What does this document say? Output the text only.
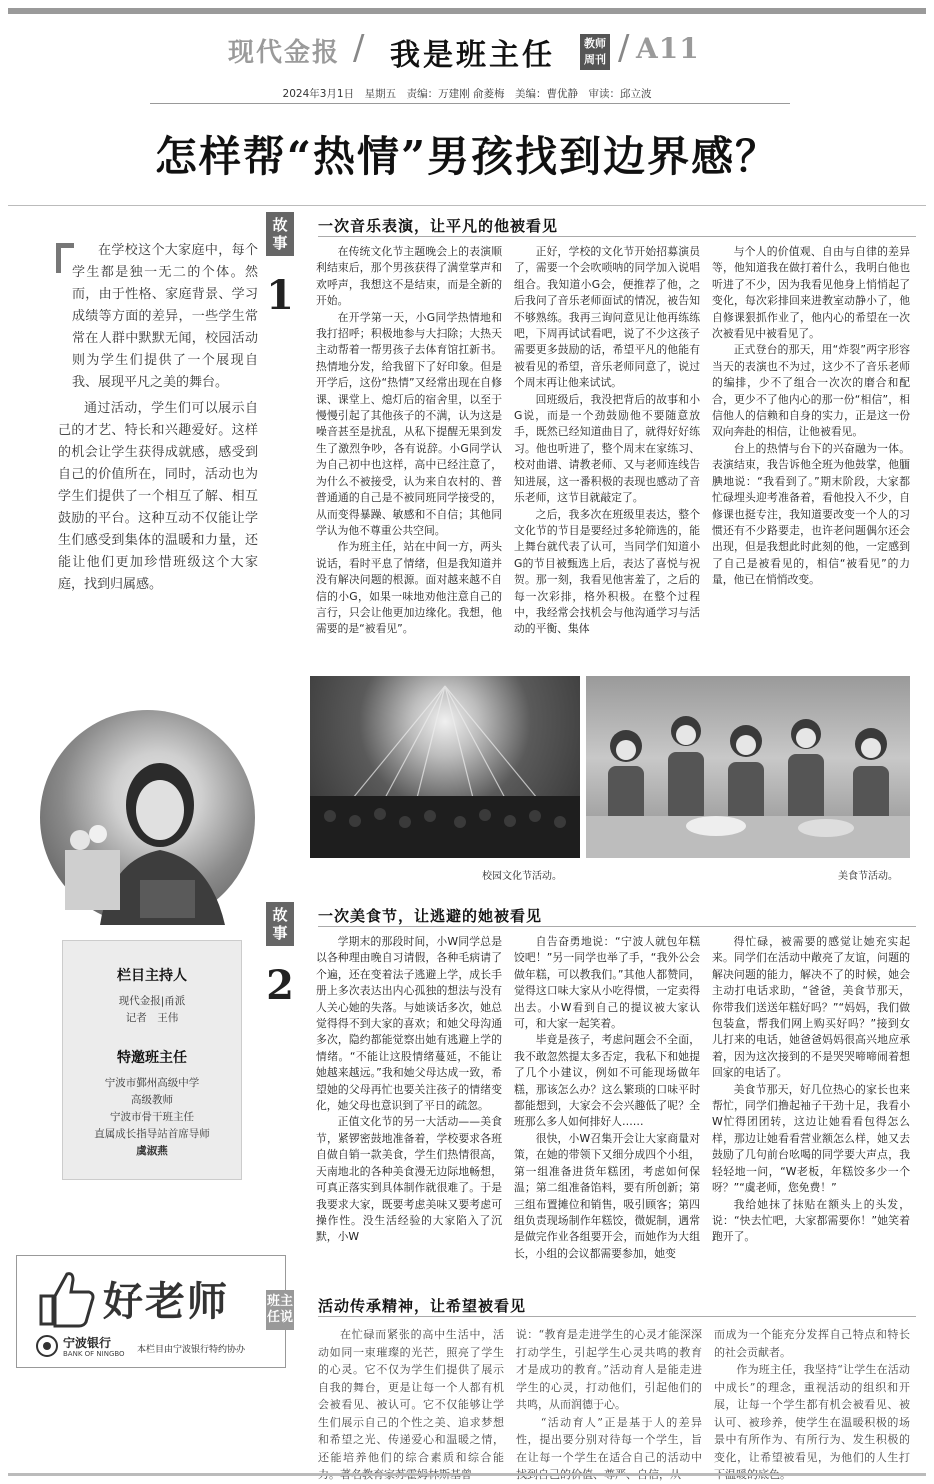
现代金报 / 我是班主任	教师周刊 / A11
2024年3月1日　星期五　责编：万建刚 俞菱梅　美编：曹优静　审读：邱立波
怎样帮“热情”男孩找到边界感？

在学校这个大家庭中，每个学生都是独一无二的个体。然而，由于性格、家庭背景、学习成绩等方面的差异，一些学生常常在人群中默默无闻，校园活动则为学生们提供了一个展现自我、展现平凡之美的舞台。

通过活动，学生们可以展示自己的才艺、特长和兴趣爱好。这样的机会让学生获得成就感，感受到自己的价值所在，同时，活动也为学生们提供了一个相互了解、相互鼓励的平台。这种互动不仅能让学生们感受到集体的温暖和力量，还能让他们更加珍惜班级这个大家庭，找到归属感。

故事
1
一次音乐表演，让平凡的他被看见

在传统文化节主题晚会上的表演顺利结束后，那个男孩获得了满堂掌声和欢呼声，我想这不是结束，而是全新的开始。

在开学第一天，小G同学热情地和我打招呼；积极地参与大扫除；大热天主动帮着一帮男孩子去体育馆扛新书。热情地分发，给我留下了好印象。但是开学后，这份“热情”又经常出现在自修课、课堂上、熄灯后的宿舍里，以至于慢慢引起了其他孩子的不满，认为这是噪音甚至是扰乱，从私下提醒无果到发生了激烈争吵，各有说辞。小G同学认为自己初中也这样，高中已经注意了，为什么不被接受，认为来自农村的、普普通通的自己是不被同班同学接受的，从而变得暴躁、敏感和不自信；其他同学认为他不尊重公共空间。

作为班主任，站在中间一方，两头说话，看时平息了情绪，但是我知道并没有解决问题的根源。面对越来越不自信的小G，如果一味地劝他注意自己的言行，只会让他更加边缘化。我想，他需要的是“被看见”。

正好，学校的文化节开始招募演员了，需要一个会吹唢呐的同学加入说唱组合。我知道小G会，便推荐了他，之后我问了音乐老师面试的情况，被告知不够熟练。我再三询问意见让他再练练吧，下周再试试看吧，说了不少这孩子需要更多鼓励的话，希望平凡的他能有被看见的希望，音乐老师同意了，说过个周末再让他来试试。

回班级后，我没把背后的故事和小G说，而是一个劲鼓励他不要随意放手，既然已经知道曲目了，就得好好练习。他也听进了，整个周末在家练习、校对曲谱、请教老师、又与老师连线告知进展，这一番积极的表现也感动了音乐老师，这节目就敲定了。

之后，我多次在班级里表达，整个文化节的节目是要经过多轮筛选的，能上舞台就代表了认可，当同学们知道小G的节目被甄选上后，表达了喜悦与祝贺。那一刻，我看见他害羞了，之后的每一次彩排，格外积极。在整个过程中，我经常会找机会与他沟通学习与活动的平衡、集体

与个人的价值观、自由与自律的差异等，他知道我在做打着什么，我明白他也听进了不少，因为我看见他身上悄悄起了变化，每次彩排回来进教室动静小了，他自修课狠抓作业了，他内心的希望在一次次被看见中被看见了。

正式登台的那天，用“炸裂”两字形容当天的表演也不为过，这少不了音乐老师的编排，少不了组合一次次的磨合和配合，更少不了他内心的那一份“相信”，相信他人的信赖和自身的实力，正是这一份双向奔赴的相信，让他被看见。

台上的热情与台下的兴奋融为一体。表演结束，我告诉他全班为他鼓掌，他腼腆地说：“我看到了。”期末阶段，大家都忙碌埋头迎考准备着，看他投入不少，自修课也挺专注，我知道要改变一个人的习惯还有不少路要走，也许老问题偶尔还会出现，但是我想此时此刻的他，一定感到了自己是被看见的，相信“被看见”的力量，他已在悄悄改变。

校园文化节活动。	美食节活动。
栏目主持人
现代金报|甬派
记者　王伟
特邀班主任
宁波市鄞州高级中学
高级教师
宁波市骨干班主任
直属成长指导站首席导师
虞淑燕
故事
2
一次美食节，让逃避的她被看见

学期末的那段时间，小W同学总是以各种理由晚自习请假，各种毛病请了个遍，还在变着法子逃避上学，成长手册上多次表达出内心孤独的想法与没有人关心她的失落。与她谈话多次，她总觉得得不到大家的喜欢；和她父母沟通多次，隐约都能觉察出她有逃避上学的情绪。“不能让这股情绪蔓延，不能让她越来越远。”我和她父母达成一致，希望她的父母再忙也要关注孩子的情绪变化，她父母也意识到了平日的疏忽。

正值文化节的另一大活动——美食节，紧锣密鼓地准备着，学校要求各班自做自销一款美食，学生们热情很高，天南地北的各种美食漫无边际地畅想，可真正落实到具体制作就很难了。于是我要求大家，既要考虑美味又要考虑可操作性。没生活经验的大家陷入了沉默，小W

自告奋勇地说：“宁波人就包年糕饺吧！”另一同学也举了手，“我外公会做年糕，可以教我们。”其他人都赞同，觉得这口味大家从小吃得惯，一定卖得出去。小W看到自己的提议被大家认可，和大家一起笑着。

毕竟是孩子，考虑问题会不全面，我不敢忽然提太多否定，我私下和她提了几个小建议，例如不可能现场做年糕，那该怎么办？这么繁琐的口味平时都能想到，大家会不会兴趣低了呢？全班那么多人如何排好人……

很快，小W召集开会让大家商量对策，在她的带领下又细分成四个小组，第一组准备进货年糕团，考虑如何保温；第二组准备馅料，要有所创新；第三组布置摊位和销售，吸引顾客；第四组负责现场制作年糕饺，微妮制，遇常是做完作业各组要开会，而她作为大组长，小组的会议都需要参加，她变

得忙碌，被需要的感觉让她充实起来。同学们在活动中敞亮了友谊，问题的解决问题的能力，解决不了的时候，她会主动打电话求助，“爸爸，美食节那天，你带我们送送年糕好吗？”“妈妈，我们做包装盒，帮我们网上购买好吗？”接到女儿打来的电话，她爸爸妈妈很高兴地应承着，因为这次接到的不是哭哭啼啼闹着想回家的电话了。

美食节那天，好几位热心的家长也来帮忙，同学们撸起袖子干劲十足，我看小W忙得团团转，这边让她看看包得怎么样，那边让她看看营业额怎么样，她又去鼓励了几句前台吆喝的同学要大声点，我轻轻地一问，“W老板，年糕饺多少一个呀？”“虞老师，您免费！”

我给她抹了抹贴在额头上的头发，说：“快去忙吧，大家都需要你！”她笑着跑开了。

好老师
宁波银行
BANK OF NINGBO 本栏目由宁波银行特约协办
班主任说
活动传承精神，让希望被看见
在忙碌而紧张的高中生活中，活动如同一束璀璨的光芒，照亮了学生的心灵。它不仅为学生们提供了展示自我的舞台，更是让每一个人都有机会被看见、被认可。它不仅能够让学生们展示自己的个性之美、追求梦想和希望之光、传递爱心和温暖之情，还能培养他们的综合素质和综合能
说：“教育是走进学生的心灵才能深深打动学生，引起学生心灵共鸣的教育才是成功的教育。”活动育人是能走进学生的心灵，打动他们，引起他们的共鸣，从而润德于心。
　　“活动育人”正是基于人的差异性，提出要分别对待每一个学生，旨在让每一个学生在适合自己的活动中
而成为一个能充分发挥自己特点和特长的社会贡献者。
　　作为班主任，我坚持“让学生在活动中成长”的理念，重视活动的组织和开展，让每一个学生都有机会被看见、被认可、被珍养，使学生在温暖积极的场景中有所作为、有所行为、发生积极的变化，让希望被看见，为他们的人生打
